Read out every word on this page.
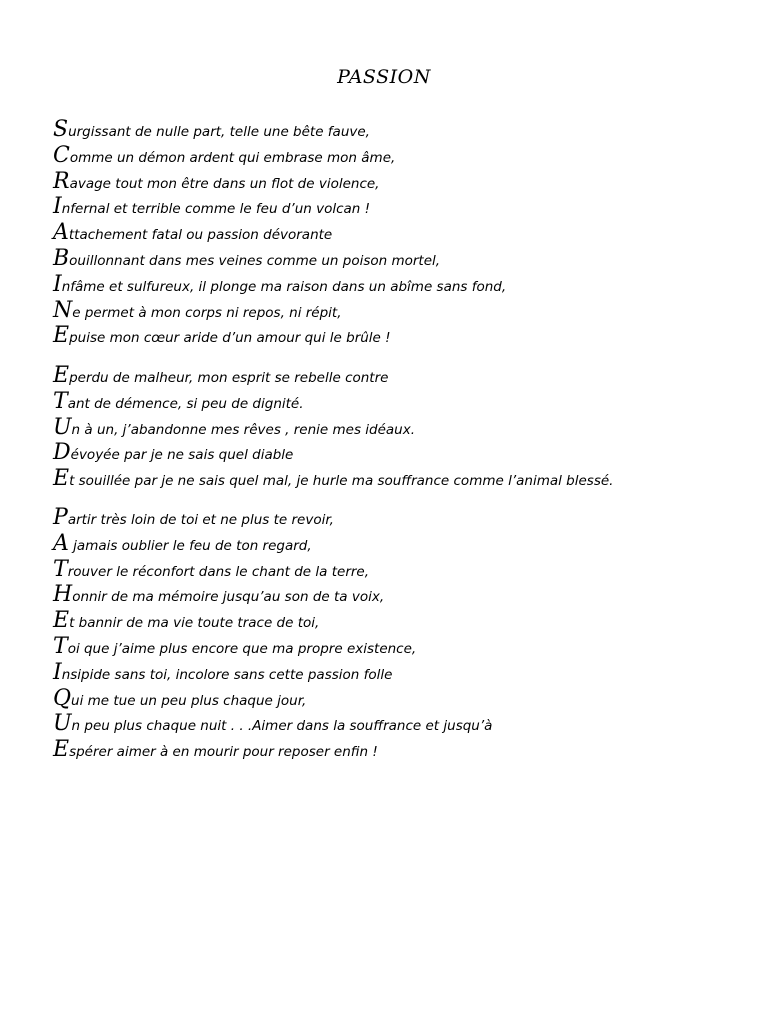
PASSION
Surgissant de nulle part, telle une bête fauve,
Comme un démon ardent qui embrase mon âme,
Ravage tout mon être dans un flot de violence,
Infernal et terrible comme le feu d’un volcan !
Attachement fatal ou passion dévorante
Bouillonnant dans mes veines comme un poison mortel,
Infâme et sulfureux, il plonge ma raison dans un abîme sans fond,
Ne permet à mon corps ni repos, ni répit,
Epuise mon cœur aride d’un amour qui le brûle !
Eperdu de malheur, mon esprit se rebelle contre
Tant de démence, si peu de dignité.
Un à un, j’abandonne mes rêves , renie mes idéaux.
Dévoyée par je ne sais quel diable
Et souillée par je ne sais quel mal, je hurle ma souffrance comme l’animal blessé.
Partir très loin de toi et ne plus te revoir,
A jamais oublier le feu de ton regard,
Trouver le réconfort dans le chant de la terre,
Honnir de ma mémoire jusqu’au son de ta voix,
Et bannir de ma vie toute trace de toi,
Toi que j’aime plus encore que ma propre existence,
Insipide sans toi, incolore sans cette passion folle
Qui me tue un peu plus chaque jour,
Un peu plus chaque nuit . . .Aimer dans la souffrance et jusqu’à
Espérer aimer à en mourir pour reposer enfin !
